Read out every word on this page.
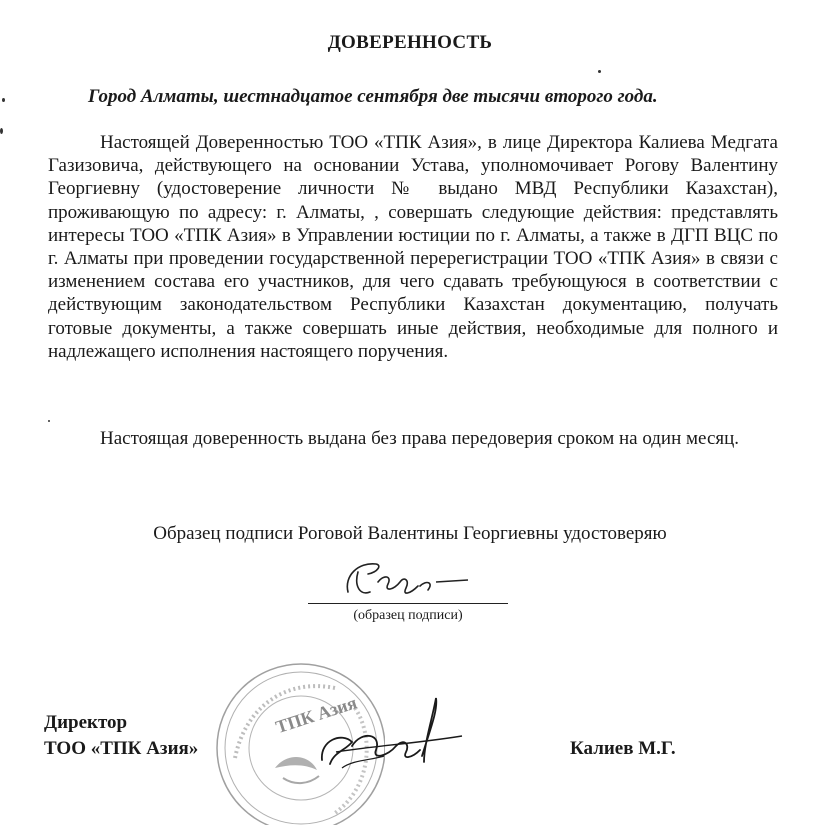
ДОВЕРЕННОСТЬ
Город Алматы, шестнадцатое сентября две тысячи второго года.

Настоящей Доверенностью ТОО «ТПК Азия», в лице Директора Калиева Медгата Газизовича, действующего на основании Устава, уполномочивает Рогову Валентину Георгиевну (удостоверение личности № выдано МВД Республики Казахстан), проживающую по адресу: г. Алматы, , совершать следующие действия: представлять интересы ТОО «ТПК Азия» в Управлении юстиции по г. Алматы, а также в ДГП ВЦС по г. Алматы при проведении государственной перерегистрации ТОО «ТПК Азия» в связи с изменением состава его участников, для чего сдавать требующуюся в соответствии с действующим законодательством Республики Казахстан документацию, получать готовые документы, а также совершать иные действия, необходимые для полного и надлежащего исполнения настоящего поручения.

Настоящая доверенность выдана без права передоверия сроком на один месяц.

Образец подписи Роговой Валентины Георгиевны удостоверяю
(образец подписи)
ТПК Азия
Директор
ТОО «ТПК Азия»	Калиев М.Г.
